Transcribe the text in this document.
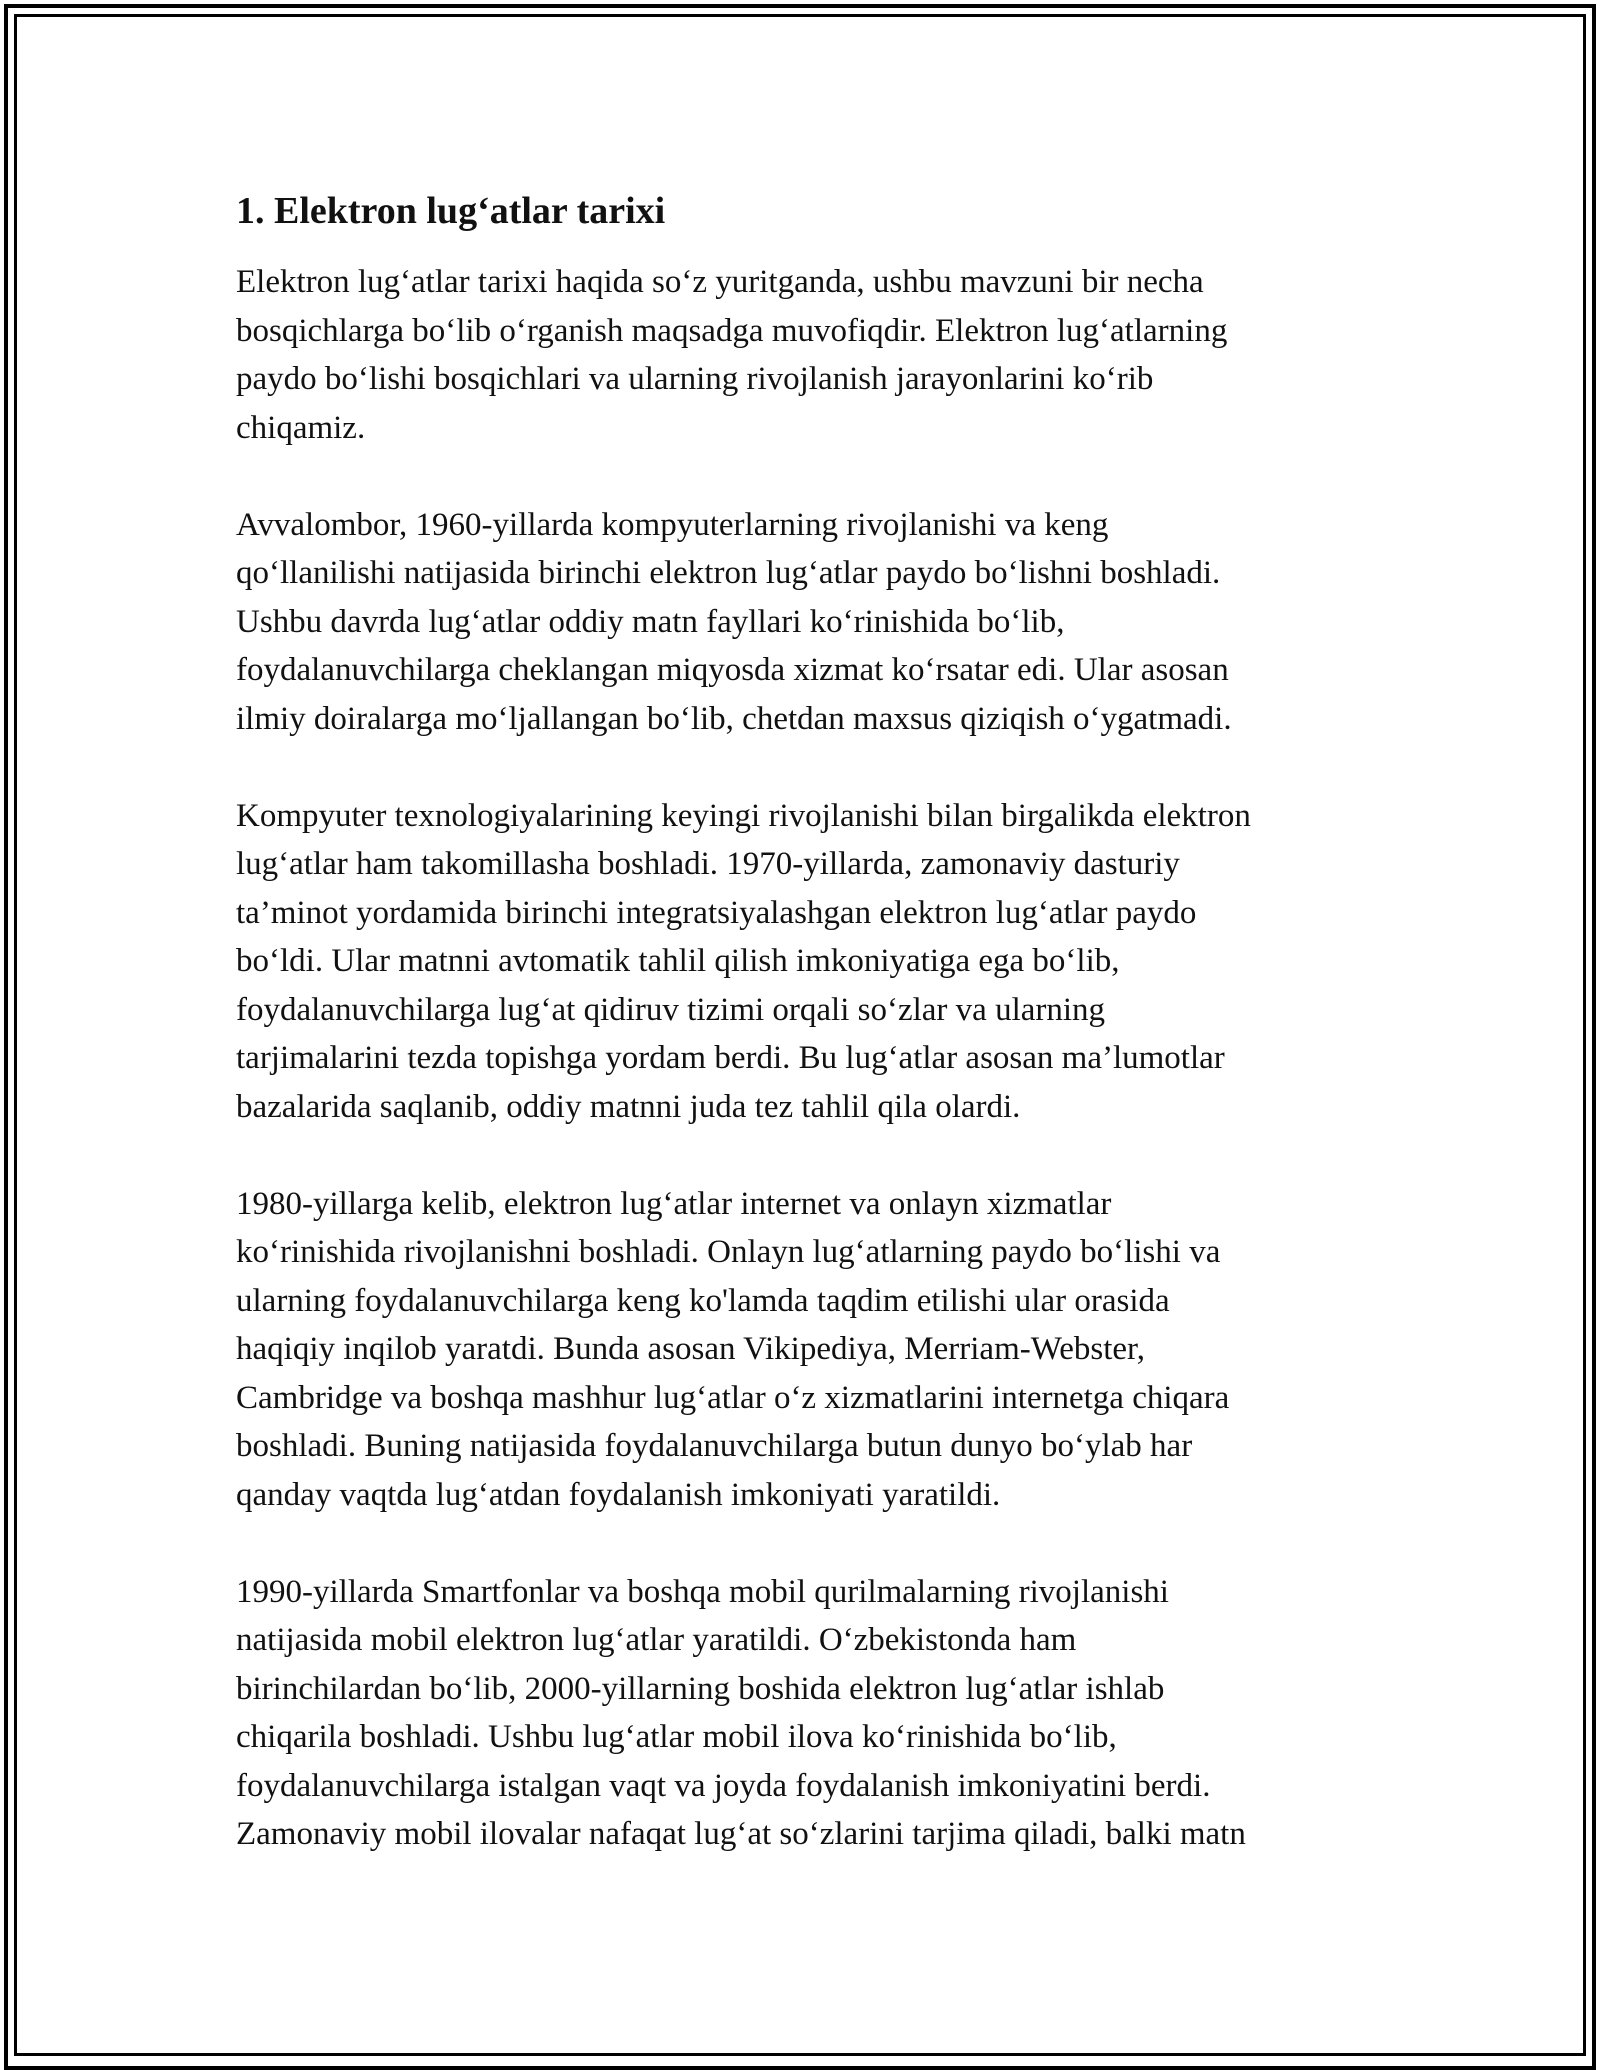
1. Elektron lug‘atlar tarixi

Elektron lug‘atlar tarixi haqida so‘z yuritganda, ushbu mavzuni bir necha
bosqichlarga bo‘lib o‘rganish maqsadga muvofiqdir. Elektron lug‘atlarning
paydo bo‘lishi bosqichlari va ularning rivojlanish jarayonlarini ko‘rib
chiqamiz.

Avvalombor, 1960-yillarda kompyuterlarning rivojlanishi va keng
qo‘llanilishi natijasida birinchi elektron lug‘atlar paydo bo‘lishni boshladi.
Ushbu davrda lug‘atlar oddiy matn fayllari ko‘rinishida bo‘lib,
foydalanuvchilarga cheklangan miqyosda xizmat ko‘rsatar edi. Ular asosan
ilmiy doiralarga mo‘ljallangan bo‘lib, chetdan maxsus qiziqish o‘ygatmadi.

Kompyuter texnologiyalarining keyingi rivojlanishi bilan birgalikda elektron
lug‘atlar ham takomillasha boshladi. 1970-yillarda, zamonaviy dasturiy
ta’minot yordamida birinchi integratsiyalashgan elektron lug‘atlar paydo
bo‘ldi. Ular matnni avtomatik tahlil qilish imkoniyatiga ega bo‘lib,
foydalanuvchilarga lug‘at qidiruv tizimi orqali so‘zlar va ularning
tarjimalarini tezda topishga yordam berdi. Bu lug‘atlar asosan ma’lumotlar
bazalarida saqlanib, oddiy matnni juda tez tahlil qila olardi.

1980-yillarga kelib, elektron lug‘atlar internet va onlayn xizmatlar
ko‘rinishida rivojlanishni boshladi. Onlayn lug‘atlarning paydo bo‘lishi va
ularning foydalanuvchilarga keng ko'lamda taqdim etilishi ular orasida
haqiqiy inqilob yaratdi. Bunda asosan Vikipediya, Merriam-Webster,
Cambridge va boshqa mashhur lug‘atlar o‘z xizmatlarini internetga chiqara
boshladi. Buning natijasida foydalanuvchilarga butun dunyo bo‘ylab har
qanday vaqtda lug‘atdan foydalanish imkoniyati yaratildi.

1990-yillarda Smartfonlar va boshqa mobil qurilmalarning rivojlanishi
natijasida mobil elektron lug‘atlar yaratildi. O‘zbekistonda ham
birinchilardan bo‘lib, 2000-yillarning boshida elektron lug‘atlar ishlab
chiqarila boshladi. Ushbu lug‘atlar mobil ilova ko‘rinishida bo‘lib,
foydalanuvchilarga istalgan vaqt va joyda foydalanish imkoniyatini berdi.
Zamonaviy mobil ilovalar nafaqat lug‘at so‘zlarini tarjima qiladi, balki matn
